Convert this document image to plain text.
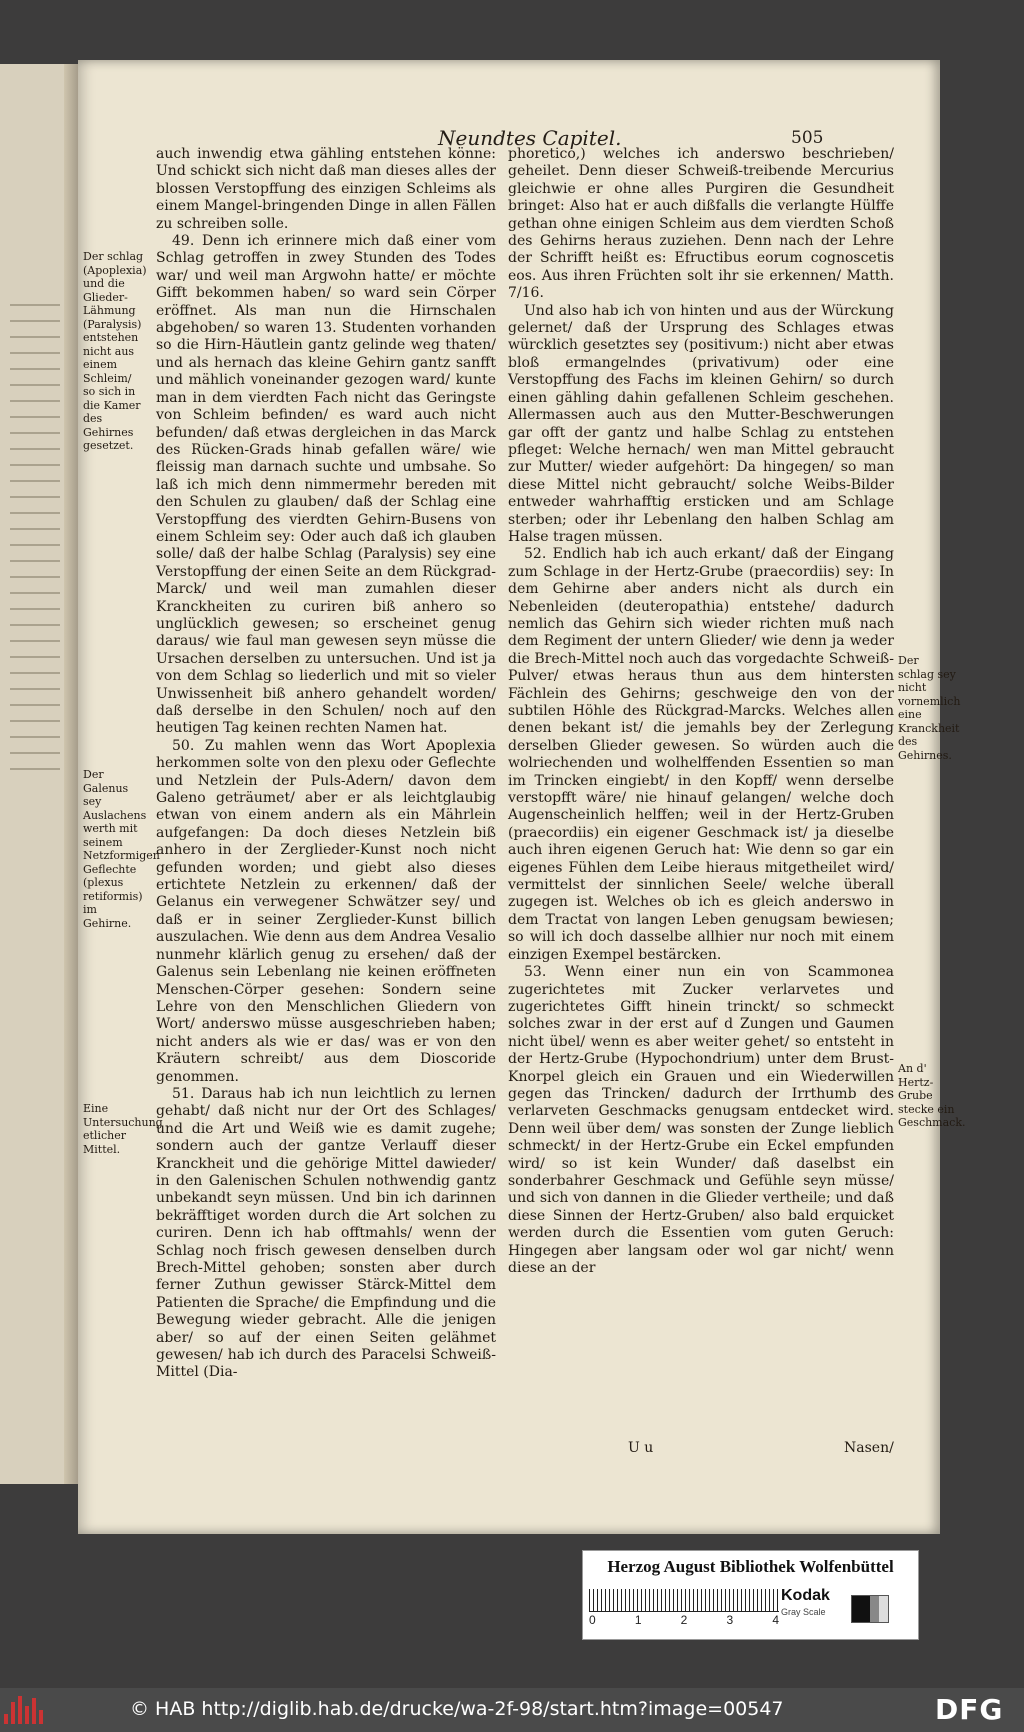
Neundtes Capitel.	505
Der schlag (Apoplexia) und die Glieder-Lähmung (Paralysis) entstehen nicht aus einem Schleim/ so sich in die Kamer des Gehirnes gesetzet.
Der Galenus sey Auslachens werth mit seinem Netzformigen Geflechte (plexus retiformis) im Gehirne.
Eine Untersuchung etlicher Mittel.

auch inwendig etwa gähling entstehen könne: Und schickt sich nicht daß man dieses alles der blossen Verstopffung des einzigen Schleims als einem Mangel-bringenden Dinge in allen Fällen zu schreiben solle.

49. Denn ich erinnere mich daß einer vom Schlag getroffen in zwey Stunden des Todes war/ und weil man Argwohn hatte/ er möchte Gifft bekommen haben/ so ward sein Cörper eröffnet. Als man nun die Hirnschalen abgehoben/ so waren 13. Studenten vorhanden so die Hirn-Häutlein gantz gelinde weg thaten/ und als hernach das kleine Gehirn gantz sanfft und mählich voneinander gezogen ward/ kunte man in dem vierdten Fach nicht das Geringste von Schleim befinden/ es ward auch nicht befunden/ daß etwas dergleichen in das Marck des Rücken-Grads hinab gefallen wäre/ wie fleissig man darnach suchte und umbsahe. So laß ich mich denn nimmermehr bereden mit den Schulen zu glauben/ daß der Schlag eine Verstopffung des vierdten Gehirn-Busens von einem Schleim sey: Oder auch daß ich glauben solle/ daß der halbe Schlag (Paralysis) sey eine Verstopffung der einen Seite an dem Rückgrad-Marck/ und weil man zumahlen dieser Kranckheiten zu curiren biß anhero so unglücklich gewesen; so erscheinet genug daraus/ wie faul man gewesen seyn müsse die Ursachen derselben zu untersuchen. Und ist ja von dem Schlag so liederlich und mit so vieler Unwissenheit biß anhero gehandelt worden/ daß derselbe in den Schulen/ noch auf den heutigen Tag keinen rechten Namen hat.

50. Zu mahlen wenn das Wort Apoplexia herkommen solte von den plexu oder Geflechte und Netzlein der Puls-Adern/ davon dem Galeno geträumet/ aber er als leichtglaubig etwan von einem andern als ein Mährlein aufgefangen: Da doch dieses Netzlein biß anhero in der Zerglieder-Kunst noch nicht gefunden worden; und giebt also dieses ertichtete Netzlein zu erkennen/ daß der Gelanus ein verwegener Schwätzer sey/ und daß er in seiner Zerglieder-Kunst billich auszulachen. Wie denn aus dem Andrea Vesalio nunmehr klärlich genug zu ersehen/ daß der Galenus sein Lebenlang nie keinen eröffneten Menschen-Cörper gesehen: Sondern seine Lehre von den Menschlichen Gliedern von Wort/ anderswo müsse ausgeschrieben haben; nicht anders als wie er das/ was er von den Kräutern schreibt/ aus dem Dioscoride genommen.

51. Daraus hab ich nun leichtlich zu lernen gehabt/ daß nicht nur der Ort des Schlages/ und die Art und Weiß wie es damit zugehe; sondern auch der gantze Verlauff dieser Kranckheit und die gehörige Mittel dawieder/ in den Galenischen Schulen nothwendig gantz unbekandt seyn müssen. Und bin ich darinnen bekräfftiget worden durch die Art solchen zu curiren. Denn ich hab offtmahls/ wenn der Schlag noch frisch gewesen denselben durch Brech-Mittel gehoben; sonsten aber durch ferner Zuthun gewisser Stärck-Mittel dem Patienten die Sprache/ die Empfindung und die Bewegung wieder gebracht. Alle die jenigen aber/ so auf der einen Seiten gelähmet gewesen/ hab ich durch des Paracelsi Schweiß-Mittel (Dia-

phoretico,) welches ich anderswo beschrieben/ geheilet. Denn dieser Schweiß-treibende Mercurius gleichwie er ohne alles Purgiren die Gesundheit bringet: Also hat er auch dißfalls die verlangte Hülffe gethan ohne einigen Schleim aus dem vierdten Schoß des Gehirns heraus zuziehen. Denn nach der Lehre der Schrifft heißt es: Efructibus eorum cognoscetis eos. Aus ihren Früchten solt ihr sie erkennen/ Matth. 7/16.

Und also hab ich von hinten und aus der Würckung gelernet/ daß der Ursprung des Schlages etwas würcklich gesetztes sey (positivum:) nicht aber etwas bloß ermangelndes (privativum) oder eine Verstopffung des Fachs im kleinen Gehirn/ so durch einen gähling dahin gefallenen Schleim geschehen. Allermassen auch aus den Mutter-Beschwerungen gar offt der gantz und halbe Schlag zu entstehen pfleget: Welche hernach/ wen man Mittel gebraucht zur Mutter/ wieder aufgehört: Da hingegen/ so man diese Mittel nicht gebraucht/ solche Weibs-Bilder entweder wahrhafftig ersticken und am Schlage sterben; oder ihr Lebenlang den halben Schlag am Halse tragen müssen.

52. Endlich hab ich auch erkant/ daß der Eingang zum Schlage in der Hertz-Grube (praecordiis) sey: In dem Gehirne aber anders nicht als durch ein Nebenleiden (deuteropathia) entstehe/ dadurch nemlich das Gehirn sich wieder richten muß nach dem Regiment der untern Glieder/ wie denn ja weder die Brech-Mittel noch auch das vorgedachte Schweiß-Pulver/ etwas heraus thun aus dem hintersten Fächlein des Gehirns; geschweige den von der subtilen Höhle des Rückgrad-Marcks. Welches allen denen bekant ist/ die jemahls bey der Zerlegung derselben Glieder gewesen. So würden auch die wolriechenden und wolhelffenden Essentien so man im Trincken eingiebt/ in den Kopff/ wenn derselbe verstopfft wäre/ nie hinauf gelangen/ welche doch Augenscheinlich helffen; weil in der Hertz-Gruben (praecordiis) ein eigener Geschmack ist/ ja dieselbe auch ihren eigenen Geruch hat: Wie denn so gar ein eigenes Fühlen dem Leibe hieraus mitgetheilet wird/ vermittelst der sinnlichen Seele/ welche überall zugegen ist. Welches ob ich es gleich anderswo in dem Tractat von langen Leben genugsam bewiesen; so will ich doch dasselbe allhier nur noch mit einem einzigen Exempel bestärcken.

53. Wenn einer nun ein von Scammonea zugerichtetes mit Zucker verlarvetes und zugerichtetes Gifft hinein trinckt/ so schmeckt solches zwar in der erst auf d Zungen und Gaumen nicht übel/ wenn es aber weiter gehet/ so entsteht in der Hertz-Grube (Hypochondrium) unter dem Brust-Knorpel gleich ein Grauen und ein Wiederwillen gegen das Trincken/ dadurch der Irrthumb des verlarveten Geschmacks genugsam entdecket wird. Denn weil über dem/ was sonsten der Zunge lieblich schmeckt/ in der Hertz-Grube ein Eckel empfunden wird/ so ist kein Wunder/ daß daselbst ein sonderbahrer Geschmack und Gefühle seyn müsse/ und sich von dannen in die Glieder vertheile; und daß diese Sinnen der Hertz-Gruben/ also bald erquicket werden durch die Essentien vom guten Geruch: Hingegen aber langsam oder wol gar nicht/ wenn diese an der

Der schlag sey nicht vornemlich eine Kranckheit des Gehirnes.
An d' Hertz-Grube stecke ein Geschmack.
U u	Nasen/
Herzog August Bibliothek Wolfenbüttel
0	1	2	3	4
Kodak
Gray Scale
© HAB http://diglib.hab.de/drucke/wa-2f-98/start.htm?image=00547	DFG
